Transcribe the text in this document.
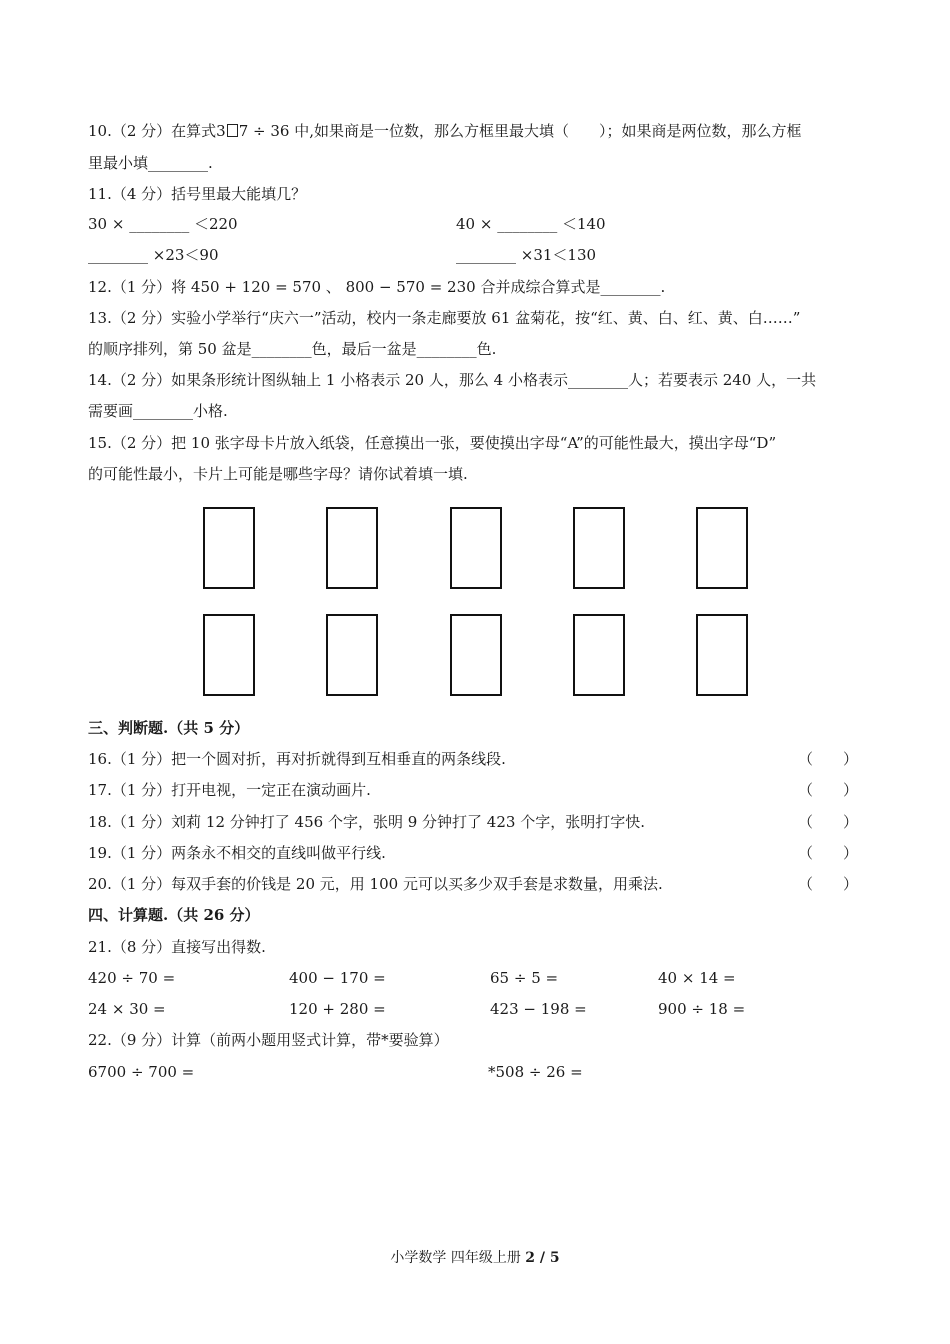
10.（2 分）在算式3 7 ÷ 36 中,如果商是一位数，那么方框里最大填（　　）；如果商是两位数，那么方框
里最小填________.
11.（4 分）括号里最大能填几？
30 × ________ ＜220	40 × ________ ＜140
________ ×23＜90	________ ×31＜130
12.（1 分）将 450 + 120 = 570 、 800 − 570 = 230 合并成综合算式是________.
13.（2 分）实验小学举行“庆六一”活动，校内一条走廊要放 61 盆菊花，按“红、黄、白、红、黄、白……”
的顺序排列，第 50 盆是________色，最后一盆是________色.
14.（2 分）如果条形统计图纵轴上 1 小格表示 20 人，那么 4 小格表示________人；若要表示 240 人，一共
需要画________小格.
15.（2 分）把 10 张字母卡片放入纸袋，任意摸出一张，要使摸出字母“A”的可能性最大，摸出字母“D”
的可能性最小，卡片上可能是哪些字母？请你试着填一填.
三、判断题.（共 5 分）
16.（1 分）把一个圆对折，再对折就得到互相垂直的两条线段.	（　　）
17.（1 分）打开电视，一定正在演动画片.	（　　）
18.（1 分）刘莉 12 分钟打了 456 个字，张明 9 分钟打了 423 个字，张明打字快.	（　　）
19.（1 分）两条永不相交的直线叫做平行线.	（　　）
20.（1 分）每双手套的价钱是 20 元，用 100 元可以买多少双手套是求数量，用乘法.	（　　）
四、计算题.（共 26 分）
21.（8 分）直接写出得数.
420 ÷ 70 =	400 − 170 =	65 ÷ 5 =	40 × 14 =
24 × 30 =	120 + 280 =	423 − 198 =	900 ÷ 18 =
22.（9 分）计算（前两小题用竖式计算，带*要验算）
6700 ÷ 700 =	*508 ÷ 26 =
小学数学 四年级上册 2 / 5
